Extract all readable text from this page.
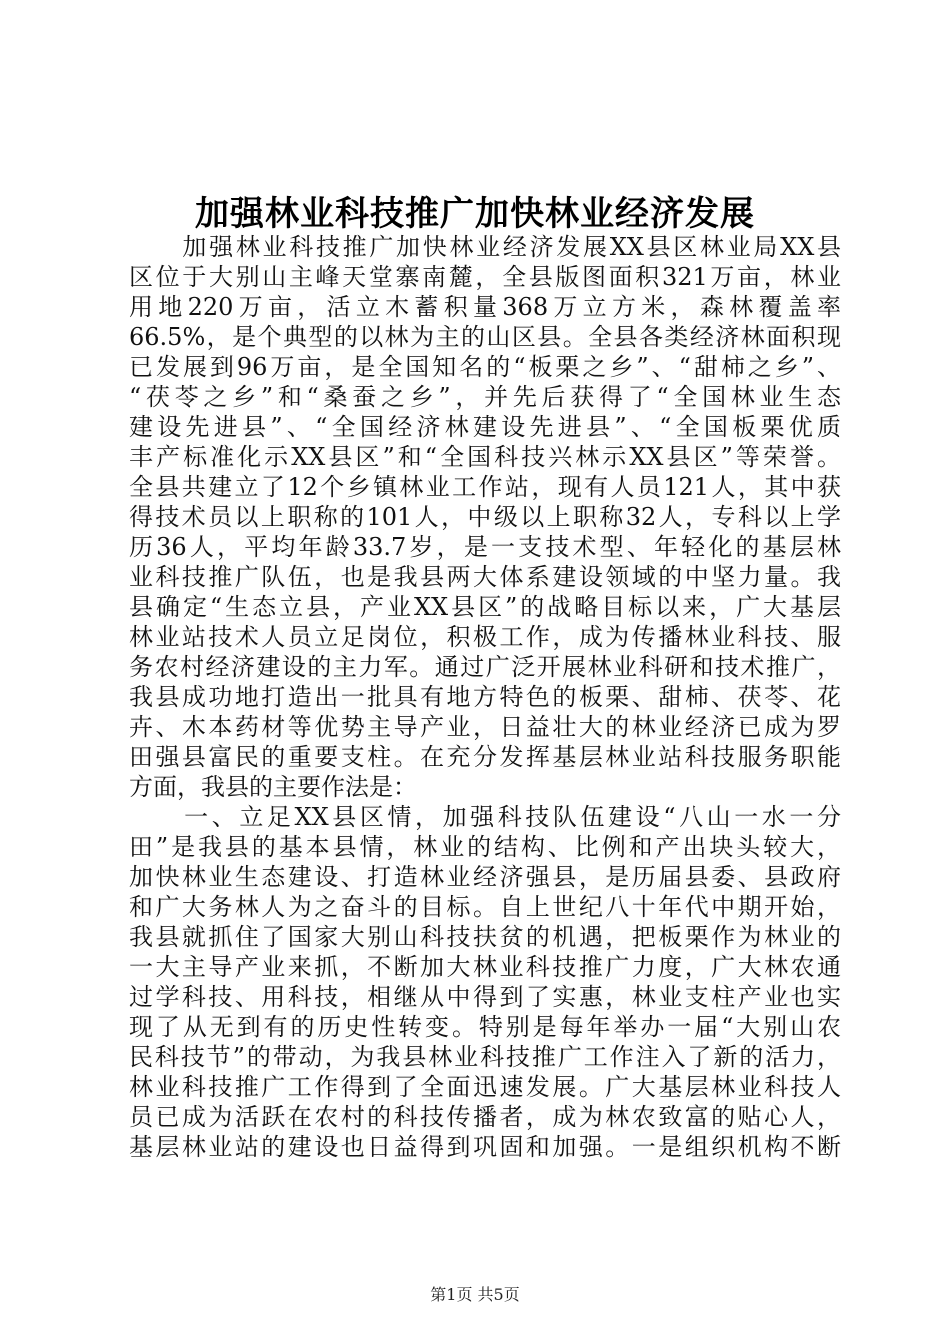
加强林业科技推广加快林业经济发展
　　加强林业科技推广加快林业经济发展XX县区林业局XX县
区位于大别山主峰天堂寨南麓，全县版图面积321万亩，林业
用地220万亩，活立木蓄积量368万立方米，森林覆盖率
66.5%，是个典型的以林为主的山区县。全县各类经济林面积现
已发展到96万亩，是全国知名的“板栗之乡”、“甜柿之乡”、
“茯苓之乡”和“桑蚕之乡”，并先后获得了“全国林业生态
建设先进县”、“全国经济林建设先进县”、“全国板栗优质
丰产标准化示XX县区”和“全国科技兴林示XX县区”等荣誉。
全县共建立了12个乡镇林业工作站，现有人员121人，其中获
得技术员以上职称的101人，中级以上职称32人，专科以上学
历36人，平均年龄33.7岁，是一支技术型、年轻化的基层林
业科技推广队伍，也是我县两大体系建设领域的中坚力量。我
县确定“生态立县，产业XX县区”的战略目标以来，广大基层
林业站技术人员立足岗位，积极工作，成为传播林业科技、服
务农村经济建设的主力军。通过广泛开展林业科研和技术推广，
我县成功地打造出一批具有地方特色的板栗、甜柿、茯苓、花
卉、木本药材等优势主导产业，日益壮大的林业经济已成为罗
田强县富民的重要支柱。在充分发挥基层林业站科技服务职能
方面，我县的主要作法是：
　　一、立足XX县区情，加强科技队伍建设“八山一水一分
田”是我县的基本县情，林业的结构、比例和产出块头较大，
加快林业生态建设、打造林业经济强县，是历届县委、县政府
和广大务林人为之奋斗的目标。自上世纪八十年代中期开始，
我县就抓住了国家大别山科技扶贫的机遇，把板栗作为林业的
一大主导产业来抓，不断加大林业科技推广力度，广大林农通
过学科技、用科技，相继从中得到了实惠，林业支柱产业也实
现了从无到有的历史性转变。特别是每年举办一届“大别山农
民科技节”的带动，为我县林业科技推广工作注入了新的活力，
林业科技推广工作得到了全面迅速发展。广大基层林业科技人
员已成为活跃在农村的科技传播者，成为林农致富的贴心人，
基层林业站的建设也日益得到巩固和加强。一是组织机构不断
第1页 共5页
